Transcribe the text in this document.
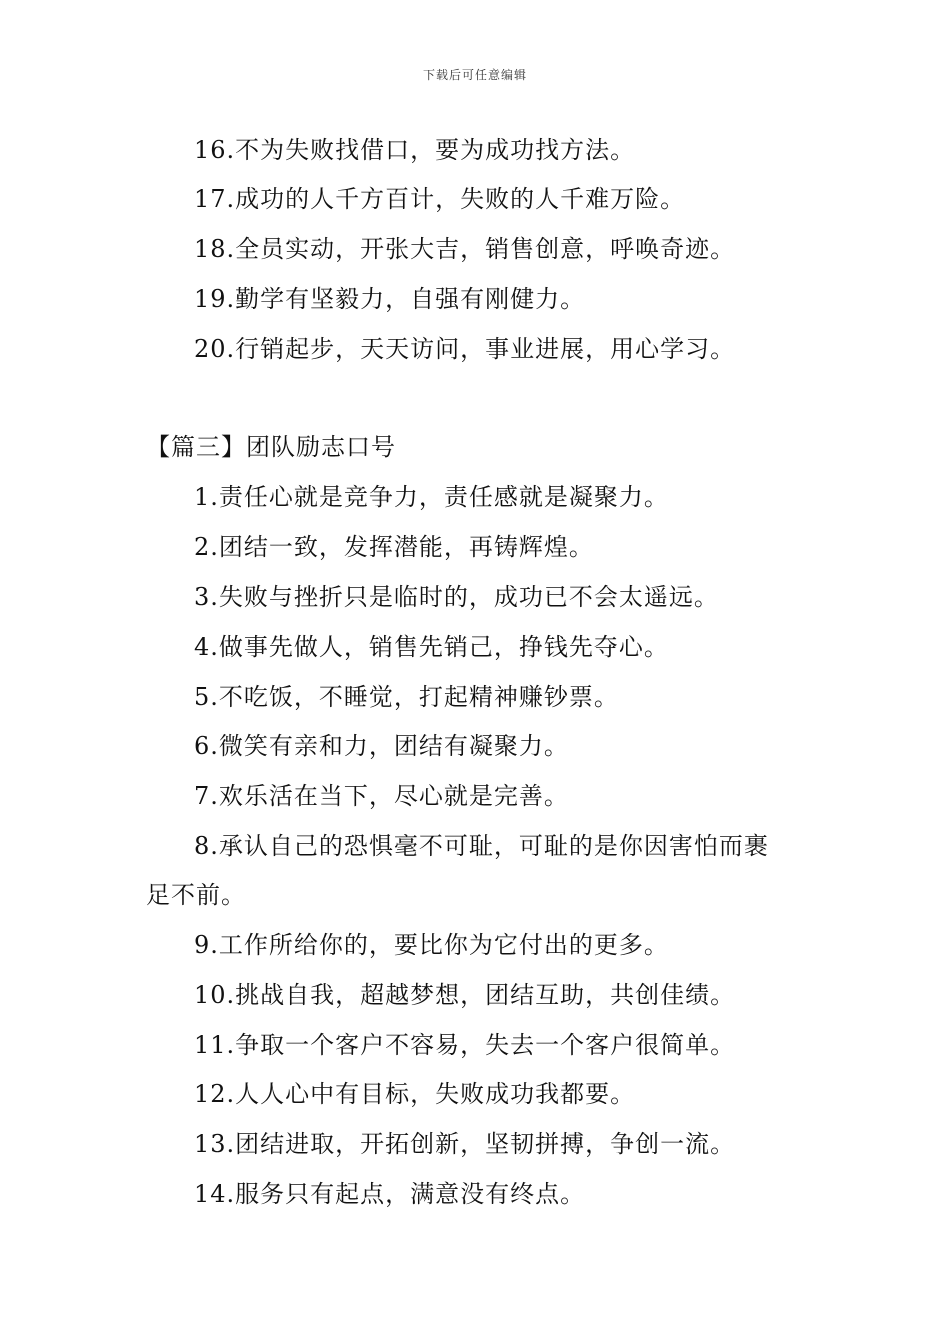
下载后可任意编辑
16.不为失败找借口，要为成功找方法。
17.成功的人千方百计，失败的人千难万险。
18.全员实动，开张大吉，销售创意，呼唤奇迹。
19.勤学有坚毅力，自强有刚健力。
20.行销起步，天天访问，事业进展，用心学习。
【篇三】团队励志口号
1.责任心就是竞争力，责任感就是凝聚力。
2.团结一致，发挥潜能，再铸辉煌。
3.失败与挫折只是临时的，成功已不会太遥远。
4.做事先做人，销售先销己，挣钱先夺心。
5.不吃饭，不睡觉，打起精神赚钞票。
6.微笑有亲和力，团结有凝聚力。
7.欢乐活在当下，尽心就是完善。
8.承认自己的恐惧毫不可耻，可耻的是你因害怕而裹
足不前。
9.工作所给你的，要比你为它付出的更多。
10.挑战自我，超越梦想，团结互助，共创佳绩。
11.争取一个客户不容易，失去一个客户很简单。
12.人人心中有目标，失败成功我都要。
13.团结进取，开拓创新，坚韧拼搏，争创一流。
14.服务只有起点，满意没有终点。
